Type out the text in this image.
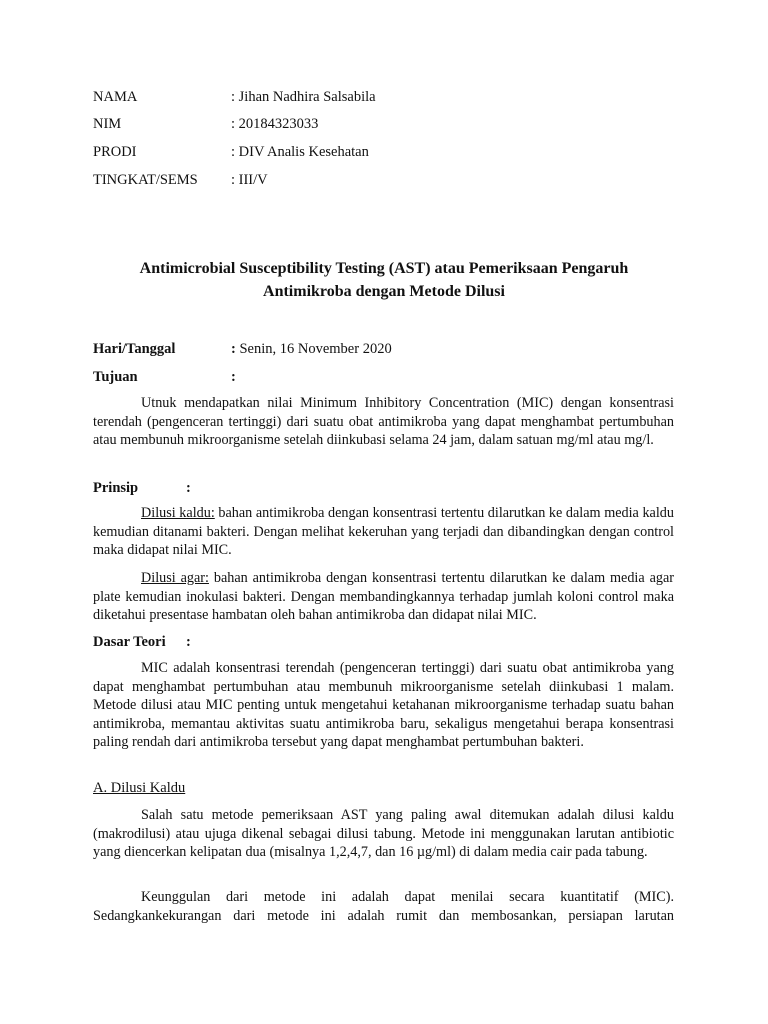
NAMA	: Jihan Nadhira Salsabila
NIM	: 20184323033
PRODI	: DIV Analis Kesehatan
TINGKAT/SEMS : III/V
Antimicrobial Susceptibility Testing (AST) atau Pemeriksaan Pengaruh
Antimikroba dengan Metode Dilusi
Hari/Tanggal	: Senin, 16 November 2020
Tujuan	:

Utnuk mendapatkan nilai Minimum Inhibitory Concentration (MIC) dengan konsentrasi terendah (pengenceran tertinggi) dari suatu obat antimikroba yang dapat menghambat pertumbuhan atau membunuh mikroorganisme setelah diinkubasi selama 24 jam, dalam satuan mg/ml atau mg/l.

Prinsip	:

Dilusi kaldu: bahan antimikroba dengan konsentrasi tertentu dilarutkan ke dalam media kaldu kemudian ditanami bakteri. Dengan melihat kekeruhan yang terjadi dan dibandingkan dengan control maka didapat nilai MIC.

Dilusi agar: bahan antimikroba dengan konsentrasi tertentu dilarutkan ke dalam media agar plate kemudian inokulasi bakteri. Dengan membandingkannya terhadap jumlah koloni control maka diketahui presentase hambatan oleh bahan antimikroba dan didapat nilai MIC.

Dasar Teori :

MIC adalah konsentrasi terendah (pengenceran tertinggi) dari suatu obat antimikroba yang dapat menghambat pertumbuhan atau membunuh mikroorganisme setelah diinkubasi 1 malam. Metode dilusi atau MIC penting untuk mengetahui ketahanan mikroorganisme terhadap suatu bahan antimikroba, memantau aktivitas suatu antimikroba baru, sekaligus mengetahui berapa konsentrasi paling rendah dari antimikroba tersebut yang dapat menghambat pertumbuhan bakteri.

A. Dilusi Kaldu

Salah satu metode pemeriksaan AST yang paling awal ditemukan adalah dilusi kaldu (makrodilusi) atau ujuga dikenal sebagai dilusi tabung. Metode ini menggunakan larutan antibiotic yang diencerkan kelipatan dua (misalnya 1,2,4,7, dan 16 µg/ml) di dalam media cair pada tabung.

Keunggulan dari metode ini adalah dapat menilai secara kuantitatif (MIC). Sedangkankekurangan dari metode ini adalah rumit dan membosankan, persiapan larutan
